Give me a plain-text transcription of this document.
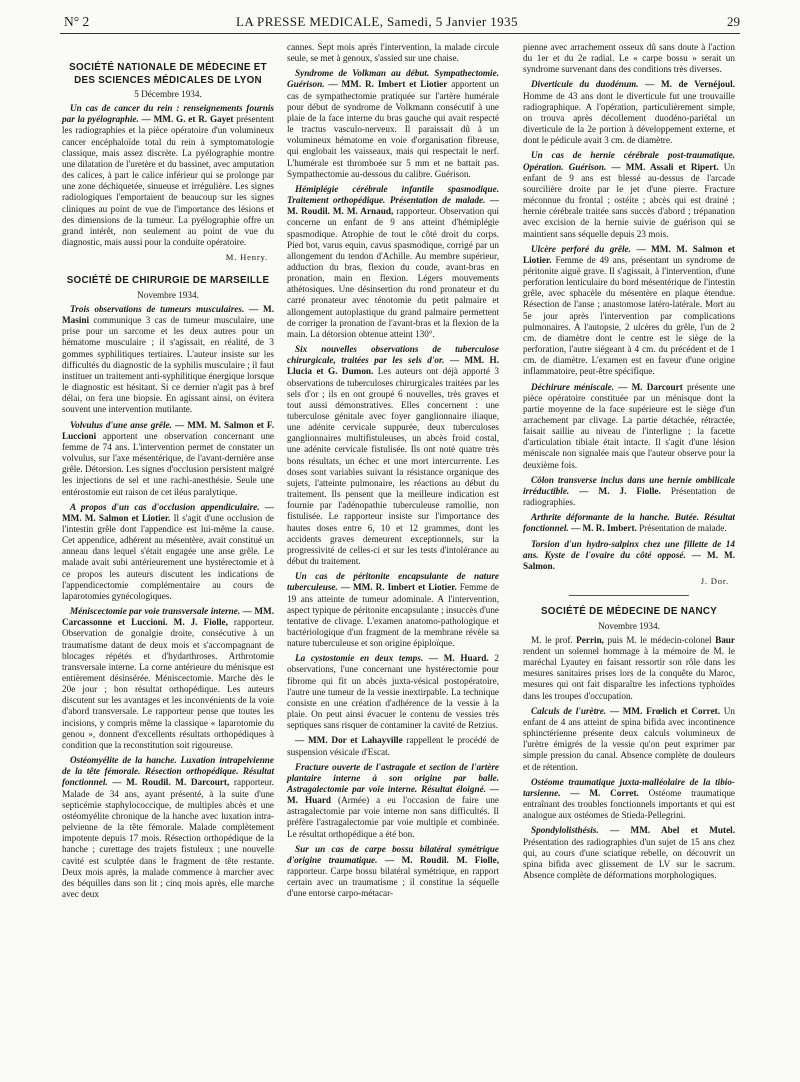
N° 2	LA PRESSE MEDICALE, Samedi, 5 Janvier 1935	29
SOCIÉTÉ NATIONALE DE MÉDECINE ET DES SCIENCES MÉDICALES DE LYON
5 Décembre 1934.

Un cas de cancer du rein : renseignements fournis par la pyélographie. — MM. G. et R. Gayet présentent les radiographies et la pièce opératoire d'un volumineux cancer encéphaloïde total du rein à symptomatologie classique, mais assez discrète. La pyélographie montre une dilatation de l'uretère et du bassinet, avec amputation des calices, à part le calice inférieur qui se prolonge par une zone déchiquetée, sinueuse et irrégulière. Les signes radiologiques l'emportaient de beaucoup sur les signes cliniques au point de vue de l'importance des lésions et des dimensions de la tumeur. La pyélographie offre un grand intérêt, non seulement au point de vue du diagnostic, mais aussi pour la conduite opératoire.

M. Henry.
SOCIÉTÉ DE CHIRURGIE DE MARSEILLE
Novembre 1934.

Trois observations de tumeurs musculaires. — M. Masini communique 3 cas de tumeur musculaire, une prise pour un sarcome et les deux autres pour un hématome musculaire ; il s'agissait, en réalité, de 3 gommes syphilitiques tertiaires. L'auteur insiste sur les difficultés du diagnostic de la syphilis musculaire ; il faut instituer un traitement anti-syphilitique énergique lorsque le diagnostic est hésitant. Si ce dernier n'agit pas à bref délai, on fera une biopsie. En agissant ainsi, on évitera souvent une intervention mutilante.

Volvulus d'une anse grêle. — MM. M. Salmon et F. Luccioni apportent une observation concernant une femme de 74 ans. L'intervention permet de constater un volvulus, sur l'axe mésentérique, de l'avant-dernière anse grêle. Détorsion. Les signes d'occlusion persistent malgré les injections de sel et une rachi-anesthésie. Seule une entérostomie eut raison de cet iléus paralytique.

A propos d'un cas d'occlusion appendiculaire. — MM. M. Salmon et Liotier. Il s'agit d'une occlusion de l'intestin grêle dont l'appendice est lui-même la cause. Cet appendice, adhérent au mésentère, avait constitué un anneau dans lequel s'était engagée une anse grêle. Le malade avait subi antérieurement une hystérectomie et à ce propos les auteurs discutent les indications de l'appendicectomie complémentaire au cours de laparotomies gynécologiques.

Méniscectomie par voie transversale interne. — MM. Carcassonne et Luccioni. M. J. Fiolle, rapporteur. Observation de gonalgie droite, consécutive à un traumatisme datant de deux mois et s'accompagnant de blocages répétés et d'hydarthroses. Arthrotomie transversale interne. La corne antérieure du ménisque est entièrement désinsérée. Méniscectomie. Marche dès le 20e jour ; bon résultat orthopédique. Les auteurs discutent sur les avantages et les inconvénients de la voie d'abord transversale. Le rapporteur pense que toutes les incisions, y compris même la classique « laparotomie du genou », donnent d'excellents résultats orthopédiques à condition que la reconstitution soit rigoureuse.

Ostéomyélite de la hanche. Luxation intrapelvienne de la tête fémorale. Résection orthopédique. Résultat fonctionnel. — M. Roudil. M. Darcourt, rapporteur. Malade de 34 ans, ayant présenté, à la suite d'une septicémie staphylococcique, de multiples abcès et une ostéomyélite chronique de la hanche avec luxation intra-pelvienne de la tête fémorale. Malade complètement impotente depuis 17 mois. Résection orthopédique de la hanche ; curettage des trajets fistuleux ; une nouvelle cavité est sculptée dans le fragment de tête restante. Deux mois après, la malade commence à marcher avec des béquilles dans son lit ; cinq mois après, elle marche avec deux

cannes. Sept mois après l'intervention, la malade circule seule, se met à genoux, s'assied sur une chaise.

Syndrome de Volkman au début. Sympathectomie. Guérison. — MM. R. Imbert et Liotier apportent un cas de sympathectomie pratiquée sur l'artère humérale pour début de syndrome de Volkmann consécutif à une plaie de la face interne du bras gauche qui avait respecté le tractus vasculo-nerveux. Il paraissait dû à un volumineux hématome en voie d'organisation fibreuse, qui englobait les vaisseaux, mais qui respectait le nerf. L'humérale est thromboée sur 5 mm et ne battait pas. Sympathectomie au-dessous du calibre. Guérison.

Hémiplégie cérébrale infantile spasmodique. Traitement orthopédique. Présentation de malade. — M. Roudil. M. M. Arnaud, rapporteur. Observation qui concerne un enfant de 9 ans atteint d'hémiplégie spasmodique. Atrophie de tout le côté droit du corps. Pied bot, varus equin, cavus spasmodique, corrigé par un allongement du tendon d'Achille. Au membre supérieur, adduction du bras, flexion du coude, avant-bras en pronation, main en flexion. Légers mouvements athétosiques. Une désinsertion du rond pronateur et du carré pronateur avec ténotomie du petit palmaire et allongement autoplastique du grand palmaire permettent de corriger la pronation de l'avant-bras et la flexion de la main. La détorsion obtenue atteint 130°.

Six nouvelles observations de tuberculose chirurgicale, traitées par les sels d'or. — MM. H. Llucia et G. Dumon. Les auteurs ont déjà apporté 3 observations de tuberculoses chirurgicales traitées par les sels d'or ; ils en ont groupé 6 nouvelles, très graves et tout aussi démonstratives. Elles concernent : une tuberculose génitale avec foyer ganglionnaire iliaque, une adénite cervicale suppurée, deux tuberculoses ganglionnaires multifistuleuses, un abcès froid costal, une adénite cervicale fistulisée. Ils ont noté quatre très bons résultats, un échec et une mort intercurrente. Les doses sont variables suivant la résistance organique des sujets, l'atteinte pulmonaire, les réactions au début du traitement. Ils pensent que la meilleure indication est fournie par l'adénopathie tuberculeuse ramollie, non fistulisée. Le rapporteur insiste sur l'importance des hautes doses entre 6, 10 et 12 grammes, dont les accidents graves demeurent exceptionnels, sur la progressivité de celles-ci et sur les tests d'intolérance au début du traitement.

Un cas de péritonite encapsulante de nature tuberculeuse. — MM. R. Imbert et Liotier. Femme de 19 ans atteinte de tumeur adominale. A l'intervention, aspect typique de péritonite encapsulante ; insuccès d'une tentative de clivage. L'examen anatomo-pathologique et bactériologique d'un fragment de la membrane révèle sa nature tuberculeuse et son origine épiploïque.

La cystostomie en deux temps. — M. Huard. 2 observations, l'une concernant une hystérectomie pour fibrome qui fit un abcès juxta-vésical postopératoire, l'autre une tumeur de la vessie inextirpable. La technique consiste en une création d'adhérence de la vessie à la plaie. On peut ainsi évacuer le contenu de vessies très septiques sans risquer de contaminer la cavité de Retzius.

— MM. Dor et Lahayville rappellent le procédé de suspension vésicale d'Escat.

Fracture ouverte de l'astragale et section de l'artère plantaire interne à son origine par balle. Astragalectomie par voie interne. Résultat éloigné. — M. Huard (Armée) a eu l'occasion de faire une astragalectomie par voie interne non sans difficultés. Il préfère l'astragalectomie par voie multiple et combinée. Le résultat orthopédique a été bon.

Sur un cas de carpe bossu bilatéral symétrique d'origine traumatique. — M. Roudil. M. Fiolle, rapporteur. Carpe bossu bilatéral symétrique, en rapport certain avec un traumatisme ; il constitue la séquelle d'une entorse carpo-métacar-

pienne avec arrachement osseux dû sans doute à l'action du 1er et du 2e radial. Le « carpe bossu » serait un syndrome survenant dans des conditions très diverses.

Diverticule du duodénum. — M. de Vernéjoul. Homme de 43 ans dont le diverticule fut une trouvaille radiographique. A l'opération, particulièrement simple, on trouva après décollement duodéno-pariétal un diverticule de la 2e portion à développement externe, et dont le pédicule avait 3 cm. de diamètre.

Un cas de hernie cérébrale post-traumatique. Opération. Guérison. — MM. Assali et Ripert. Un enfant de 9 ans est blessé au-dessus de l'arcade sourcilière droite par le jet d'une pierre. Fracture méconnue du frontal ; ostéite ; abcès qui est drainé ; hernie cérébrale traitée sans succès d'abord ; trépanation avec excision de la hernie suivie de guérison qui se maintient sans séquelle depuis 23 mois.

Ulcère perforé du grêle. — MM. M. Salmon et Liotier. Femme de 49 ans, présentant un syndrome de péritonite aiguë grave. Il s'agissait, à l'intervention, d'une perforation lenticulaire du bord mésentérique de l'intestin grêle, avec sphacèle du mésentère en plaque étendue. Résection de l'anse ; anastomose latéro-latérale. Mort au 5e jour après l'intervention par complications pulmonaires. A l'autopsie, 2 ulcères du grêle, l'un de 2 cm. de diamètre dont le centre est le siège de la perforation, l'autre siégeant à 4 cm. du précédent et de 1 cm. de diamètre. L'examen est en faveur d'une origine inflammatoire, peut-être spécifique.

Déchirure méniscale. — M. Darcourt présente une pièce opératoire constituée par un ménisque dont la partie moyenne de la face supérieure est le siège d'un arrachement par clivage. La partie détachée, rétractée, faisait saillie au niveau de l'interligne ; la facette d'articulation tibiale était intacte. Il s'agit d'une lésion méniscale non signalée mais que l'auteur observe pour la deuxième fois.

Côlon transverse inclus dans une hernie ombilicale irréductible. — M. J. Fiolle. Présentation de radiographies.

Arthrite déformante de la hanche. Butée. Résultat fonctionnel. — M. R. Imbert. Présentation de malade.

Torsion d'un hydro-salpinx chez une fillette de 14 ans. Kyste de l'ovaire du côté opposé. — M. M. Salmon.

J. Dor.
SOCIÉTÉ DE MÉDECINE DE NANCY
Novembre 1934.

M. le prof. Perrin, puis M. le médecin-colonel Baur rendent un solennel hommage à la mémoire de M. le maréchal Lyautey en faisant ressortir son rôle dans les mesures sanitaires prises lors de la conquête du Maroc, mesures qui ont fait disparaître les infections typhoïdes dans les troupes d'occupation.

Calculs de l'urètre. — MM. Frœlich et Corret. Un enfant de 4 ans atteint de spina bifida avec incontinence sphinctérienne présente deux calculs volumineux de l'urètre émigrés de la vessie qu'on peut exprimer par simple pression du canal. Absence complète de douleurs et de rétention.

Ostéome traumatique juxta-malléolaire de la tibio-tarsienne. — M. Corret. Ostéome traumatique entraînant des troubles fonctionnels importants et qui est analogue aux ostéomes de Stieda-Pellegrini.

Spondylolisthésis. — MM. Abel et Mutel. Présentation des radiographies d'un sujet de 15 ans chez qui, au cours d'une sciatique rebelle, on découvrit un spina bifida avec glissement de LV sur le sacrum. Absence complète de déformations morphologiques.
